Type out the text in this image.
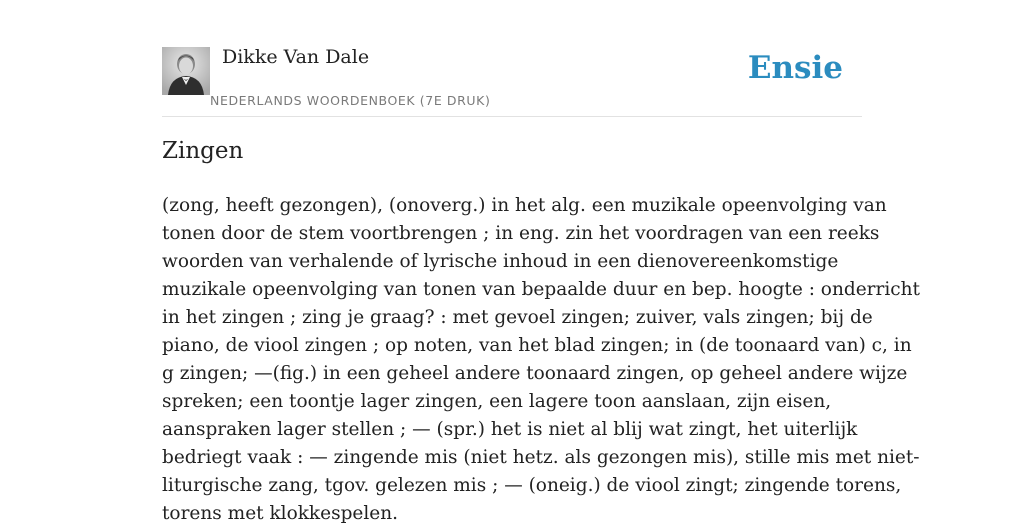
Dikke Van Dale
NEDERLANDS WOORDENBOEK (7E DRUK)
Ensie
Zingen
(zong, heeft gezongen), (onoverg.) in het alg. een muzikale opeenvolging van
tonen door de stem voortbrengen ; in eng. zin het voordragen van een reeks
woorden van verhalende of lyrische inhoud in een dienovereenkomstige
muzikale opeenvolging van tonen van bepaalde duur en bep. hoogte : onderricht
in het zingen ; zing je graag? : met gevoel zingen; zuiver, vals zingen; bij de
piano, de viool zingen ; op noten, van het blad zingen; in (de toonaard van) c, in
g zingen; —(fig.) in een geheel andere toonaard zingen, op geheel andere wijze
spreken; een toontje lager zingen, een lagere toon aanslaan, zijn eisen,
aanspraken lager stellen ; — (spr.) het is niet al blij wat zingt, het uiterlijk
bedriegt vaak : — zingende mis (niet hetz. als gezongen mis), stille mis met niet-
liturgische zang, tgov. gelezen mis ; — (oneig.) de viool zingt; zingende torens,
torens met klokkespelen.
